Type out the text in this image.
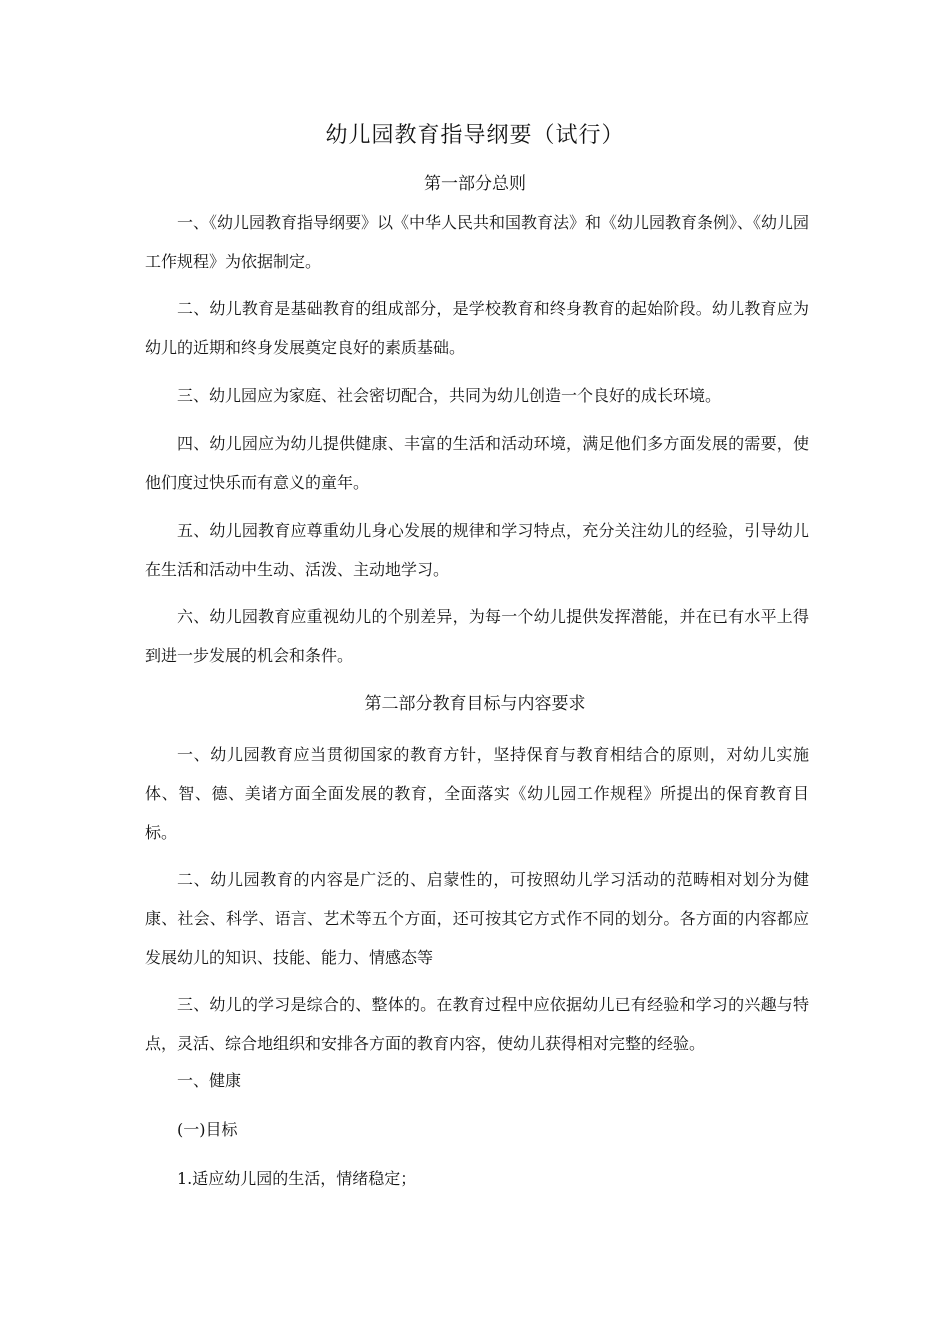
幼儿园教育指导纲要（试行）
第一部分总则

一、《幼儿园教育指导纲要》以《中华人民共和国教育法》和《幼儿园教育条例》、《幼儿园工作规程》为依据制定。

二、幼儿教育是基础教育的组成部分，是学校教育和终身教育的起始阶段。幼儿教育应为幼儿的近期和终身发展奠定良好的素质基础。

三、幼儿园应为家庭、社会密切配合，共同为幼儿创造一个良好的成长环境。

四、幼儿园应为幼儿提供健康、丰富的生活和活动环境，满足他们多方面发展的需要，使他们度过快乐而有意义的童年。

五、幼儿园教育应尊重幼儿身心发展的规律和学习特点，充分关注幼儿的经验，引导幼儿在生活和活动中生动、活泼、主动地学习。

六、幼儿园教育应重视幼儿的个别差异，为每一个幼儿提供发挥潜能，并在已有水平上得到进一步发展的机会和条件。

第二部分教育目标与内容要求

一、幼儿园教育应当贯彻国家的教育方针，坚持保育与教育相结合的原则，对幼儿实施体、智、德、美诸方面全面发展的教育，全面落实《幼儿园工作规程》所提出的保育教育目标。

二、幼儿园教育的内容是广泛的、启蒙性的，可按照幼儿学习活动的范畴相对划分为健康、社会、科学、语言、艺术等五个方面，还可按其它方式作不同的划分。各方面的内容都应发展幼儿的知识、技能、能力、情感态等

三、幼儿的学习是综合的、整体的。在教育过程中应依据幼儿已有经验和学习的兴趣与特点，灵活、综合地组织和安排各方面的教育内容，使幼儿获得相对完整的经验。

一、健康
(一)目标
1.适应幼儿园的生活，情绪稳定；
